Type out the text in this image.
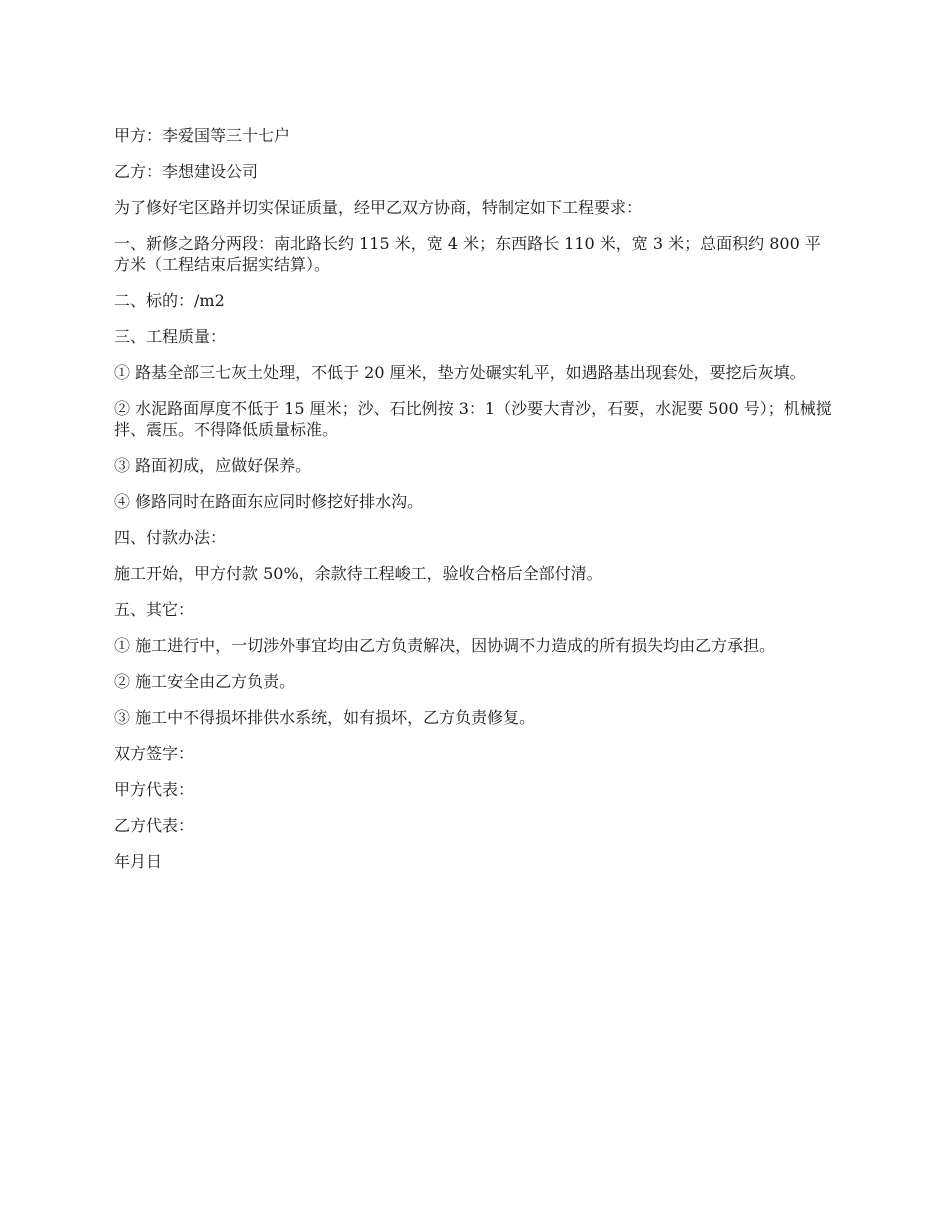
甲方：李爱国等三十七户

乙方：李想建设公司

为了修好宅区路并切实保证质量，经甲乙双方协商，特制定如下工程要求：

一、新修之路分两段：南北路长约 115 米，宽 4 米；东西路长 110 米，宽 3 米；总面积约 800 平方米（工程结束后据实结算）。

二、标的：/m2

三、工程质量：

① 路基全部三七灰土处理，不低于 20 厘米，垫方处碾实轧平，如遇路基出现套处，要挖后灰填。

② 水泥路面厚度不低于 15 厘米；沙、石比例按 3：1（沙要大青沙，石要，水泥要 500 号）；机械搅拌、震压。不得降低质量标准。

③ 路面初成，应做好保养。

④ 修路同时在路面东应同时修挖好排水沟。

四、付款办法：

施工开始，甲方付款 50%，余款待工程峻工，验收合格后全部付清。

五、其它：

① 施工进行中，一切涉外事宜均由乙方负责解决，因协调不力造成的所有损失均由乙方承担。

② 施工安全由乙方负责。

③ 施工中不得损坏排供水系统，如有损坏，乙方负责修复。

双方签字：

甲方代表：

乙方代表：

年月日
